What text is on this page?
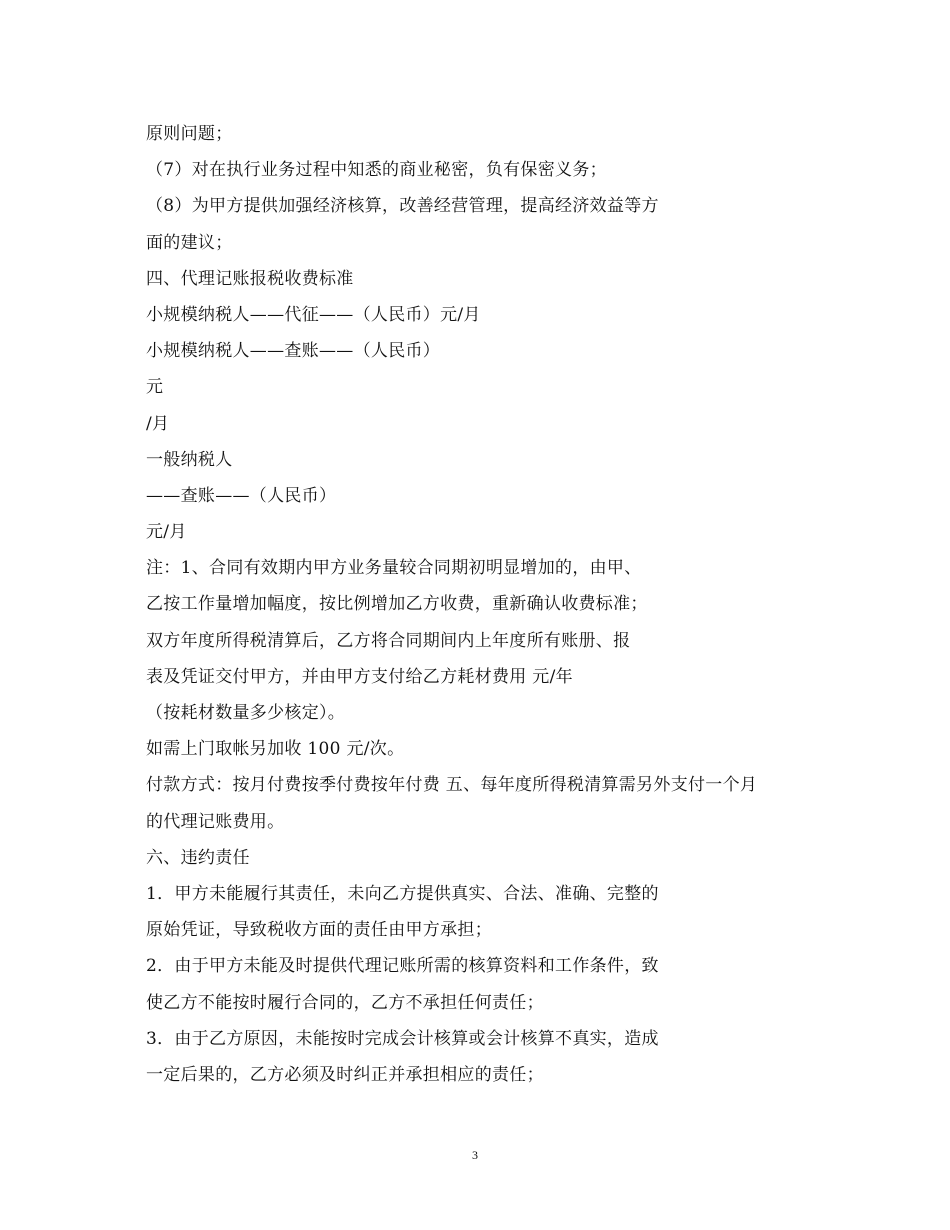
原则问题；
（7）对在执行业务过程中知悉的商业秘密，负有保密义务；
（8）为甲方提供加强经济核算，改善经营管理，提高经济效益等方
面的建议；
四、代理记账报税收费标准
小规模纳税人——代征——（人民币）元/月
小规模纳税人——查账——（人民币）
元
/月
一般纳税人
——查账——（人民币）
元/月
注：1、合同有效期内甲方业务量较合同期初明显增加的，由甲、
乙按工作量增加幅度，按比例增加乙方收费，重新确认收费标准；
双方年度所得税清算后，乙方将合同期间内上年度所有账册、报
表及凭证交付甲方，并由甲方支付给乙方耗材费用 元/年
（按耗材数量多少核定）。
如需上门取帐另加收 100 元/次。
付款方式：按月付费按季付费按年付费 五、每年度所得税清算需另外支付一个月
的代理记账费用。
六、违约责任
1．甲方未能履行其责任，未向乙方提供真实、合法、准确、完整的
原始凭证，导致税收方面的责任由甲方承担；
2．由于甲方未能及时提供代理记账所需的核算资料和工作条件，致
使乙方不能按时履行合同的，乙方不承担任何责任；
3．由于乙方原因，未能按时完成会计核算或会计核算不真实，造成
一定后果的，乙方必须及时纠正并承担相应的责任；
3
